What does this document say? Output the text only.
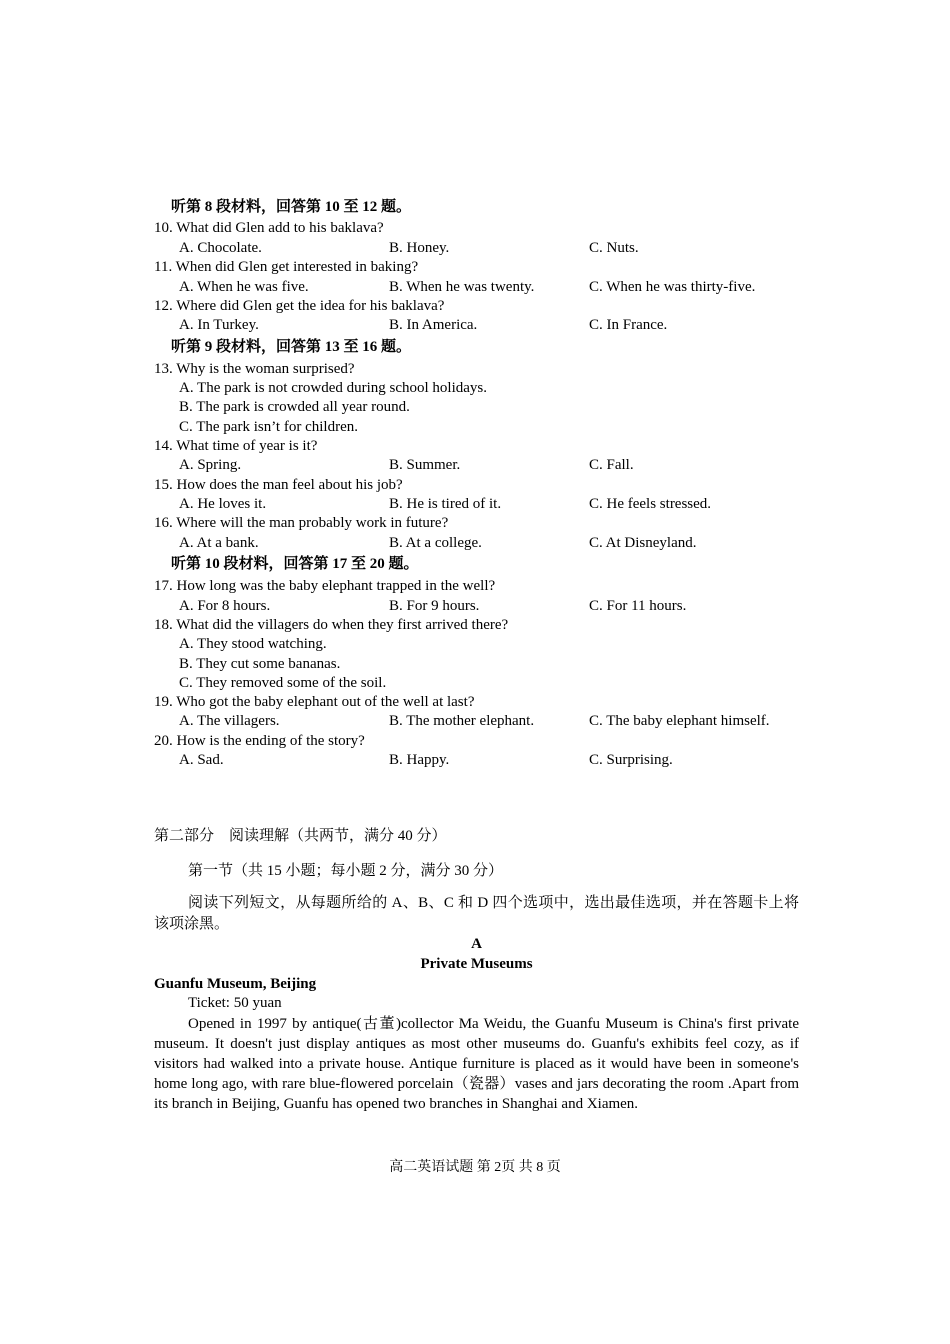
听第 8 段材料，回答第 10 至 12 题。
10. What did Glen add to his baklava?
A. Chocolate.	B. Honey.	C. Nuts.
11. When did Glen get interested in baking?
A. When he was five.	B. When he was twenty.	C. When he was thirty-five.
12. Where did Glen get the idea for his baklava?
A. In Turkey.	B. In America.	C. In France.
听第 9 段材料，回答第 13 至 16 题。
13. Why is the woman surprised?
A. The park is not crowded during school holidays.
B. The park is crowded all year round.
C. The park isn’t for children.
14. What time of year is it?
A. Spring.	B. Summer.	C. Fall.
15. How does the man feel about his job?
A. He loves it.	B. He is tired of it.	C. He feels stressed.
16. Where will the man probably work in future?
A. At a bank.	B. At a college.	C. At Disneyland.
听第 10 段材料，回答第 17 至 20 题。
17. How long was the baby elephant trapped in the well?
A. For 8 hours.	B. For 9 hours.	C. For 11 hours.
18. What did the villagers do when they first arrived there?
A. They stood watching.
B. They cut some bananas.
C. They removed some of the soil.
19. Who got the baby elephant out of the well at last?
A. The villagers.	B. The mother elephant.	C. The baby elephant himself.
20. How is the ending of the story?
A. Sad.	B. Happy.	C. Surprising.
第二部分　阅读理解（共两节，满分 40 分）
第一节（共 15 小题；每小题 2 分，满分 30 分）
阅读下列短文，从每题所给的 A、B、C 和 D 四个选项中，选出最佳选项，并在答题卡上将该项涂黑。
A
Private Museums
Guanfu Museum, Beijing
Ticket: 50 yuan
Opened in 1997 by antique(古董)collector Ma Weidu, the Guanfu Museum is China's first private museum. It doesn't just display antiques as most other museums do. Guanfu's exhibits feel cozy, as if visitors had walked into a private house. Antique furniture is placed as it would have been in someone's home long ago, with rare blue-flowered porcelain（瓷器）vases and jars decorating the room .Apart from its branch in Beijing, Guanfu has opened two branches in Shanghai and Xiamen.
高二英语试题 第 2页 共 8 页
